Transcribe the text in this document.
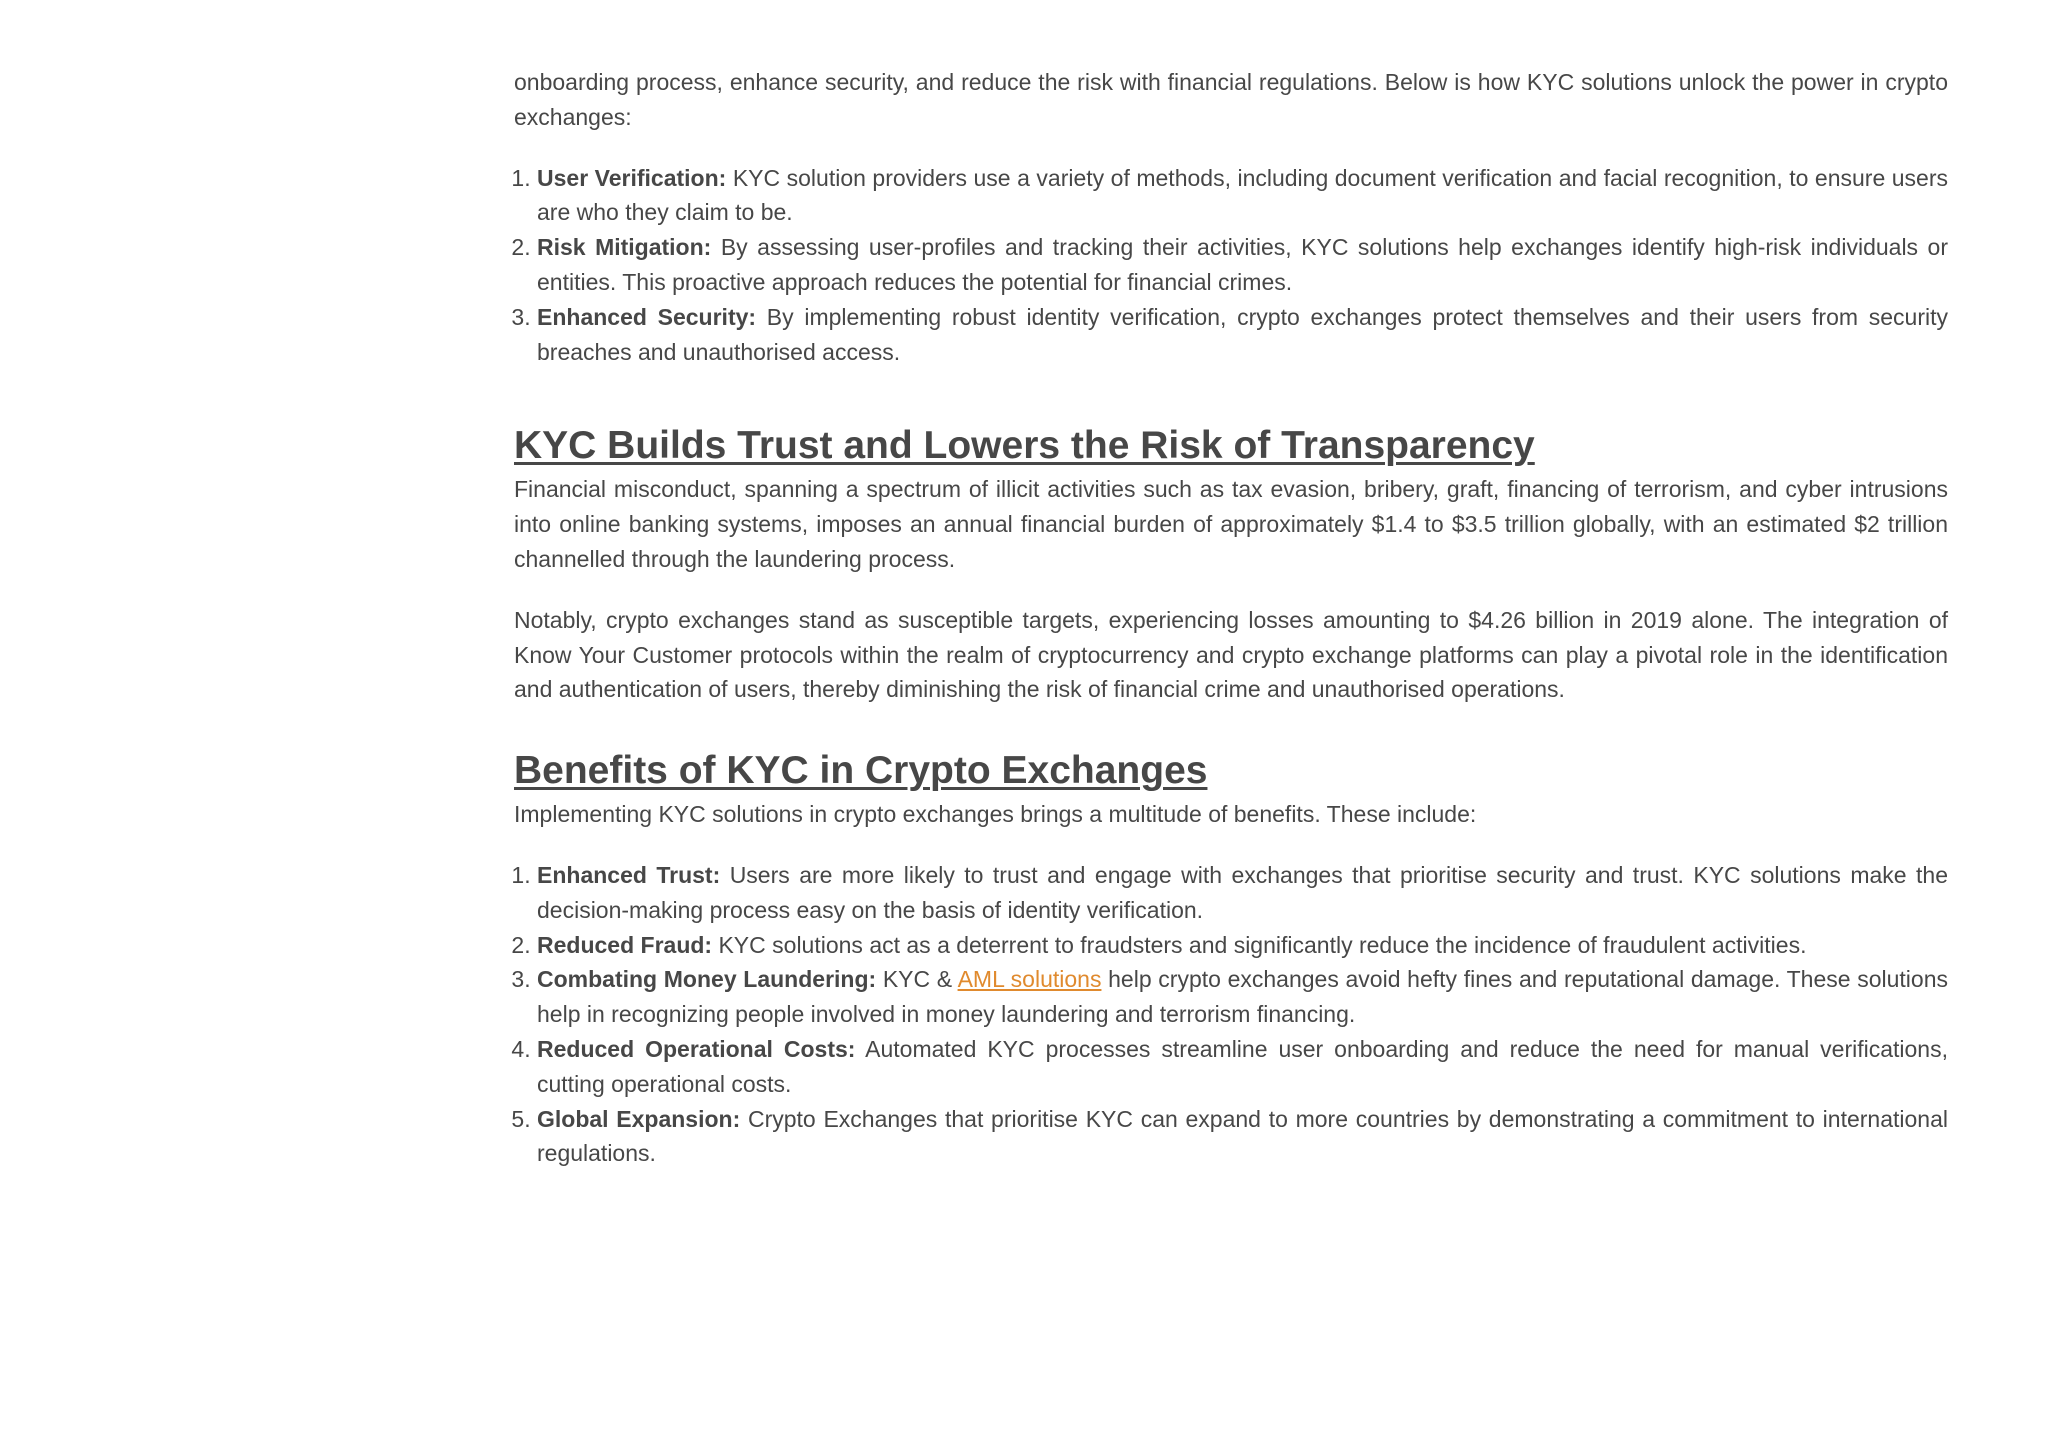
onboarding process, enhance security, and reduce the risk with financial regulations. Below is how KYC solutions unlock the power in crypto exchanges:

1. User Verification: KYC solution providers use a variety of methods, including document verification and facial recognition, to ensure users are who they claim to be.
2. Risk Mitigation: By assessing user-profiles and tracking their activities, KYC solutions help exchanges identify high-risk individuals or entities. This proactive approach reduces the potential for financial crimes.
3. Enhanced Security: By implementing robust identity verification, crypto exchanges protect themselves and their users from security breaches and unauthorised access.
KYC Builds Trust and Lowers the Risk of Transparency

Financial misconduct, spanning a spectrum of illicit activities such as tax evasion, bribery, graft, financing of terrorism, and cyber intrusions into online banking systems, imposes an annual financial burden of approximately $1.4 to $3.5 trillion globally, with an estimated $2 trillion channelled through the laundering process.

Notably, crypto exchanges stand as susceptible targets, experiencing losses amounting to $4.26 billion in 2019 alone. The integration of Know Your Customer protocols within the realm of cryptocurrency and crypto exchange platforms can play a pivotal role in the identification and authentication of users, thereby diminishing the risk of financial crime and unauthorised operations.

Benefits of KYC in Crypto Exchanges

Implementing KYC solutions in crypto exchanges brings a multitude of benefits. These include:

1. Enhanced Trust: Users are more likely to trust and engage with exchanges that prioritise security and trust. KYC solutions make the decision-making process easy on the basis of identity verification.
2. Reduced Fraud: KYC solutions act as a deterrent to fraudsters and significantly reduce the incidence of fraudulent activities.
3. Combating Money Laundering: KYC & AML solutions help crypto exchanges avoid hefty fines and reputational damage. These solutions help in recognizing people involved in money laundering and terrorism financing.
4. Reduced Operational Costs: Automated KYC processes streamline user onboarding and reduce the need for manual verifications, cutting operational costs.
5. Global Expansion: Crypto Exchanges that prioritise KYC can expand to more countries by demonstrating a commitment to international regulations.
